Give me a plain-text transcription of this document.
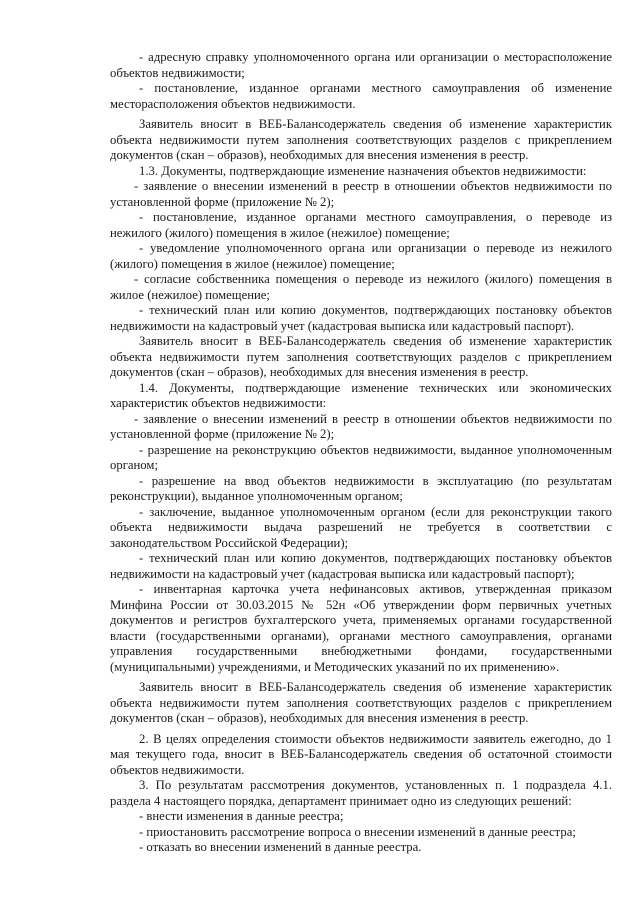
- адресную справку уполномоченного органа или организации о месторасположение объектов недвижимости;

- постановление, изданное органами местного самоуправления об изменение месторасположения объектов недвижимости.

Заявитель вносит в ВЕБ-Балансодержатель сведения об изменение характеристик объекта недвижимости путем заполнения соответствующих разделов с прикреплением документов (скан – образов), необходимых для внесения изменения в реестр.

1.3. Документы, подтверждающие изменение назначения объектов недвижимости:

- заявление о внесении изменений в реестр в отношении объектов недвижимости по установленной форме (приложение № 2);

- постановление, изданное органами местного самоуправления, о переводе из нежилого (жилого) помещения в жилое (нежилое) помещение;

- уведомление уполномоченного органа или организации о переводе из нежилого (жилого) помещения в жилое (нежилое) помещение;

- согласие собственника помещения о переводе из нежилого (жилого) помещения в жилое (нежилое) помещение;

- технический план или копию документов, подтверждающих постановку объектов недвижимости на кадастровый учет (кадастровая выписка или кадастровый паспорт).

Заявитель вносит в ВЕБ-Балансодержатель сведения об изменение характеристик объекта недвижимости путем заполнения соответствующих разделов с прикреплением документов (скан – образов), необходимых для внесения изменения в реестр.

1.4. Документы, подтверждающие изменение технических или экономических характеристик объектов недвижимости:

- заявление о внесении изменений в реестр в отношении объектов недвижимости по установленной форме (приложение № 2);

- разрешение на реконструкцию объектов недвижимости, выданное уполномоченным органом;

- разрешение на ввод объектов недвижимости в эксплуатацию (по результатам реконструкции), выданное уполномоченным органом;

- заключение, выданное уполномоченным органом (если для реконструкции такого объекта недвижимости выдача разрешений не требуется в соответствии с законодательством Российской Федерации);

- технический план или копию документов, подтверждающих постановку объектов недвижимости на кадастровый учет (кадастровая выписка или кадастровый паспорт);

- инвентарная карточка учета нефинансовых активов, утвержденная приказом Минфина России от 30.03.2015 № 52н «Об утверждении форм первичных учетных документов и регистров бухгалтерского учета, применяемых органами государственной власти (государственными органами), органами местного самоуправления, органами управления государственными внебюджетными фондами, государственными (муниципальными) учреждениями, и Методических указаний по их применению».

Заявитель вносит в ВЕБ-Балансодержатель сведения об изменение характеристик объекта недвижимости путем заполнения соответствующих разделов с прикреплением документов (скан – образов), необходимых для внесения изменения в реестр.

2. В целях определения стоимости объектов недвижимости заявитель ежегодно, до 1 мая текущего года, вносит в ВЕБ-Балансодержатель сведения об остаточной стоимости объектов недвижимости.

3. По результатам рассмотрения документов, установленных п. 1 подраздела 4.1. раздела 4 настоящего порядка, департамент принимает одно из следующих решений:

- внести изменения в данные реестра;

- приостановить рассмотрение вопроса о внесении изменений в данные реестра;

- отказать во внесении изменений в данные реестра.
